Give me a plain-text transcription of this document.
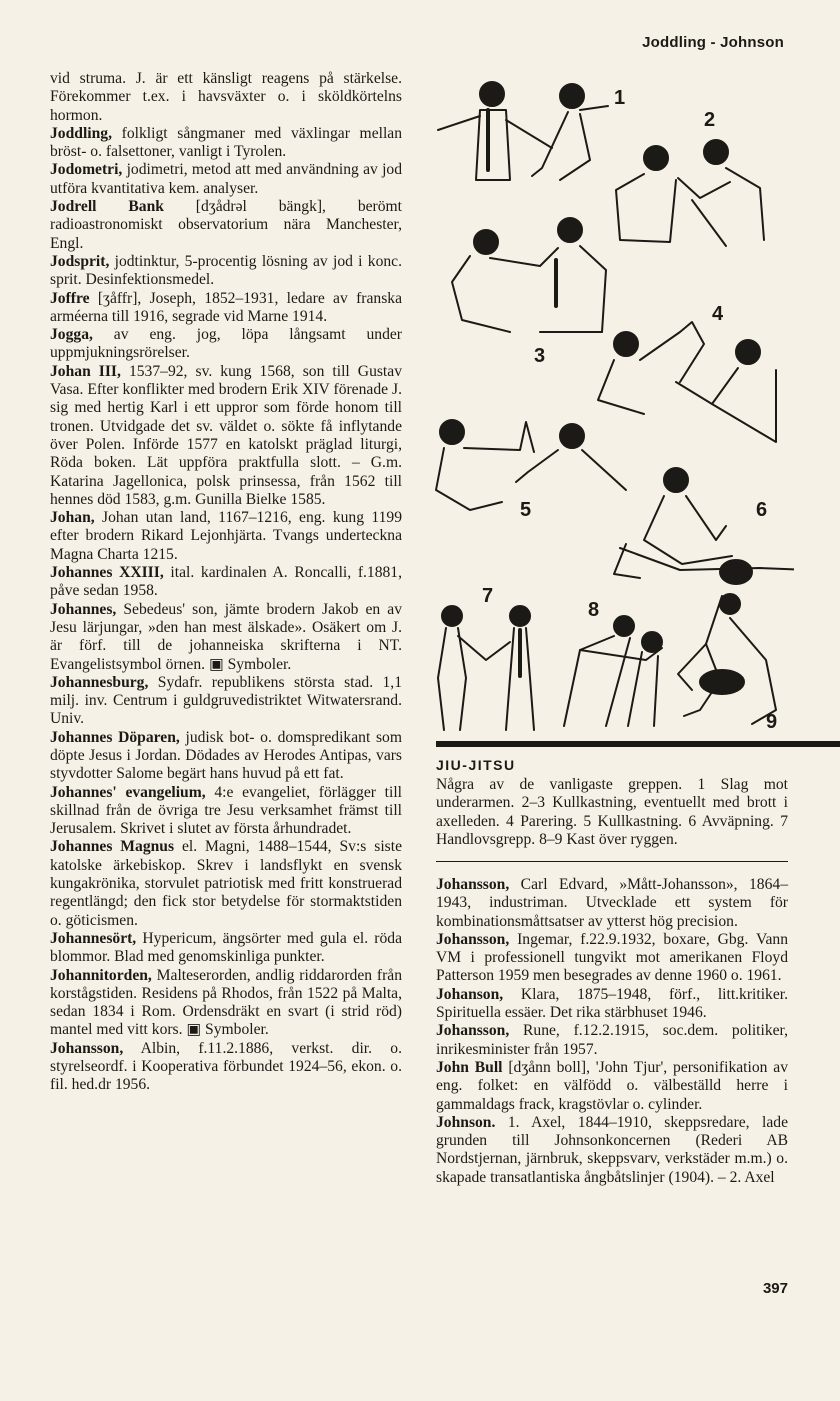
Joddling - Johnson

vid struma. J. är ett känsligt reagens på stärkelse. Förekommer t.ex. i havsväxter o. i sköldkörtelns hormon.

Joddling, folkligt sångmaner med växlingar mellan bröst- o. falsettoner, vanligt i Tyrolen.

Jodometri, jodimetri, metod att med användning av jod utföra kvantitativa kem. analyser.

Jodrell Bank [dʒådrəl bängk], berömt radioastronomiskt observatorium nära Manchester, Engl.

Jodsprit, jodtinktur, 5-procentig lösning av jod i konc. sprit. Desinfektionsmedel.

Joffre [ʒåffr], Joseph, 1852–1931, ledare av franska arméerna till 1916, segrade vid Marne 1914.

Jogga, av eng. jog, löpa långsamt under uppmjukningsrörelser.

Johan III, 1537–92, sv. kung 1568, son till Gustav Vasa. Efter konflikter med brodern Erik XIV förenade J. sig med hertig Karl i ett uppror som förde honom till tronen. Utvidgade det sv. väldet o. sökte få inflytande över Polen. Införde 1577 en katolskt präglad liturgi, Röda boken. Lät uppföra praktfulla slott. – G.m. Katarina Jagellonica, polsk prinsessa, från 1562 till hennes död 1583, g.m. Gunilla Bielke 1585.

Johan, Johan utan land, 1167–1216, eng. kung 1199 efter brodern Rikard Lejonhjärta. Tvangs underteckna Magna Charta 1215.

Johannes XXIII, ital. kardinalen A. Roncalli, f.1881, påve sedan 1958.

Johannes, Sebedeus' son, jämte brodern Jakob en av Jesu lärjungar, »den han mest älskade». Osäkert om J. är förf. till de johanneiska skrifterna i NT. Evangelistsymbol örnen. ▣ Symboler.

Johannesburg, Sydafr. republikens största stad. 1,1 milj. inv. Centrum i guldgruvedistriktet Witwatersrand. Univ.

Johannes Döparen, judisk bot- o. domspredikant som döpte Jesus i Jordan. Dödades av Herodes Antipas, vars styvdotter Salome begärt hans huvud på ett fat.

Johannes' evangelium, 4:e evangeliet, förlägger till skillnad från de övriga tre Jesu verksamhet främst till Jerusalem. Skrivet i slutet av första århundradet.

Johannes Magnus el. Magni, 1488–1544, Sv:s siste katolske ärkebiskop. Skrev i landsflykt en svensk kungakrönika, storvulet patriotisk med fritt konstruerad regentlängd; den fick stor betydelse för stormaktstiden o. göticismen.

Johannesört, Hypericum, ängsörter med gula el. röda blommor. Blad med genomskinliga punkter.

Johannitorden, Malteserorden, andlig riddarorden från korstågstiden. Residens på Rhodos, från 1522 på Malta, sedan 1834 i Rom. Ordensdräkt en svart (i strid röd) mantel med vitt kors. ▣ Symboler.

Johansson, Albin, f.11.2.1886, verkst. dir. o. styrelseordf. i Kooperativa förbundet 1924–56, ekon. o. fil. hed.dr 1956.

1
2
3
4
5	6
7
8
9
JIU-JITSU
Några av de vanligaste greppen. 1 Slag mot underarmen. 2–3 Kullkastning, eventuellt med brott i axelleden. 4 Parering. 5 Kullkastning. 6 Avväpning. 7 Handlovsgrepp. 8–9 Kast över ryggen.

Johansson, Carl Edvard, »Mått-Johansson», 1864–1943, industriman. Utvecklade ett system för kombinationsmåttsatser av ytterst hög precision.

Johansson, Ingemar, f.22.9.1932, boxare, Gbg. Vann VM i professionell tungvikt mot amerikanen Floyd Patterson 1959 men besegrades av denne 1960 o. 1961.

Johanson, Klara, 1875–1948, förf., litt.kritiker. Spirituella essäer. Det rika stärbhuset 1946.

Johansson, Rune, f.12.2.1915, soc.dem. politiker, inrikesminister från 1957.

John Bull [dʒånn boll], 'John Tjur', personifikation av eng. folket: en välfödd o. välbeställd herre i gammaldags frack, kragstövlar o. cylinder.

Johnson. 1. Axel, 1844–1910, skeppsredare, lade grunden till Johnsonkoncernen (Rederi AB Nordstjernan, järnbruk, skeppsvarv, verkstäder m.m.) o. skapade transatlantiska ångbåtslinjer (1904). – 2. Axel

397
